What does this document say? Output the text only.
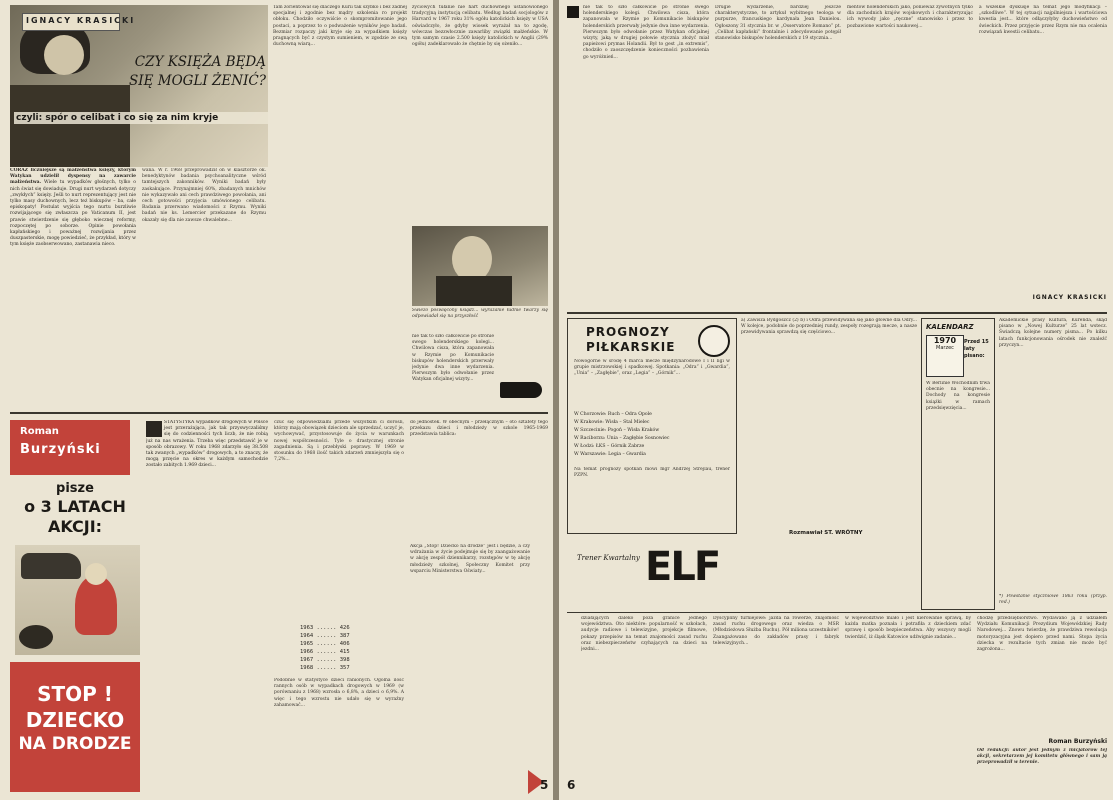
IGNACY KRASICKI
CZY KSIĘŻA BĘDĄ
SIĘ MOGLI ŻENIĆ?
czyli: spór o celibat i co się za nim kryje
CORAZ liczniejsze są małżeństwa księży, którym Watykan udzielił dyspensy na zawarcie małżeństwa. Wiele tu wypadków głośnych, tylko o nich świat się dowiaduje. Drugi nurt wydarzeń dotyczy „zwykłych” księży. Jeśli to nurt reprezentujący jest nie tylko masy duchownych, lecz też biskupów – ba, całe episkopaty! Postulat wyjścia tego nurtu burzliwie rozwijającego się zwłaszcza po Vaticanum II, jest prawie stwierdzenie się głęboko wiecznej reformy, rozpoczętej po soborze. Opinie powołania kapłańskiego i poważnej rozwijania przez duszpasterskie, mogę powiedzieć, że przykład, który w tym księże zaobserwowano, zastanawia nieco.
wana. W r. 1968 przeprowadził on w klasztorze ok. benedyktynów badania psychoanalityczne wśród tamtejszych zakonników. Wyniki badań były zaskakujące. Przynajmniej 60%, zbadanych mnichów nie wykazywało ani cech prawdziwego powołania, ani cech gotowości przyjęcia umówionego celibatu. Badania przerwano wiadomości z Rzymu. Wyniki badań nie ks. Lemercier przekazane do Rzymu okazały się dla nie zawsze chwalebne...
Tam zorientował się dlaczego Kurii tak szybko i bez żadnej specjalnej i zgodnie bez mądry szkolenia ro projekt obłoku. Chodziło oczywiście o skompromitowanie jego postaci, a poprzez to o podważenie wyników jego badań. Bezmiar rozpaczy jaki kryje się za wypadkiem księży pragnących być z czystym sumieniem, w zgodzie ze swą duchowną wiarą...
życiowych tułanie nie hart duchownego ustanowionego tradycyjną instytucją celibatu. Według badań socjologów z Harvard w 1967 roku 31% ogółu katolickich księży w USA oświadczyło, że gdyby wiosek wyrażał na to zgodę, wówczas bezzwłocznie zawarliby związki małżeńskie. W tym samym czasie 2.500 księży katolickich w Anglii (29% ogółu) zadeklarowało że chętnie by się ożeniło...
Świeżo poświęcony ksiądz... wyrażanie łudnie twarzy się odpowiadał się na przyszłość
nie tak to szło całkowicie po stronie swego holenderskiego kolegi... Chwilowa cisza, która zapanowała w Rzymie po Komunikacie biskupów holenderskich przerwały jedynie dwa inne wydarzenia. Pierwszym było odwołanie przez Watykan oficjalnej wizyty...
Roman
Burzyński
pisze
o 3 LATACH
AKCJI:
STOP !
DZIECKO
NA DRODZE
STATYSTYKA wypadków drogowych w Polsce jest przerażająca, jak tak przyswyczaliśmy się do codzienności tych liczb, że nie robią już na nas wrażenia. Trzeba więc przedstawić je w sposób obrazowy. W roku 1968 zdarzyło się 38.508 tak zwanych „wypadków” drogowych, a to znaczy, że mogą przęcie na okres w każdym samochodzie zostało zabitych 1.969 dzieci...
czuć się odpowiedzialni przede wszystkim ci dorośli, którzy mają obowiązek dzieciom ale uprzedzać, uczyć je, wychowywać, przystosowuje do życia w warunkach nowej współczesności. Tyle o drastycznej stronie zagadnienia. Są i przebłyski poprawy. W 1969 w stosunku do 1968 ilość takich zdarzeń zmniejszyła się o 7,2%...
1963 ...... 426
1964 ...... 387
1965 ...... 406
1966 ...... 415
1967 ...... 398
1968 ...... 357
Podobnie w statystyce dzieci ranionych. Ogólna ilość rannych osób w wypadkach drogowych w 1969 (w porównaniu z 1968) wzrosła o 6,8%, a dzieci o 6,9%. A więc i tego wzrostu nie udało się w wyraźny zahamować...
do jednostek. W obecnym – przełącznym – oto sztafety tego przekazu dzieci i młodzieży w szkole 1965-1969 przedstawia tablica:
Akcja „Stop! Dziecko na drodze” jest i będzie, a czy wdrażania w życie podejmuje się by zaangażowanie w akcję zespół dziennikarzy, rozstępów w tę akcję młodzieży szkolnej, Społeczny Komitet przy wsparciu Ministerstwa Oświaty...
5
nie tak to szło całkowicie po stronie swego holenderskiego kolegi. Chwilowa cisza, która zapanowała w Rzymie po Komunikacie biskupów holenderskich przerwały jedynie dwa inne wydarzenia. Pierwszym było odwołanie przez Watykan oficjalnej wizyty, jaką w drugiej połowie stycznia złożyć miał papieżowi prymas Holandii. Był to gest „in extremis”, chodziło o zaoszczędzenie konieczności pozbawienia go wyróżnień...
Drugie wydarzenie, bardziej jeszcze charakterystyczne, to artykuł wybitnego teologa w purpurze, francuskiego kardynała Jean Danielou. Ogłoszony 31 stycznia br. w „Osservatore Romano” pt. „Celibat kapłański” frontalnie i zdecydowanie potępił stanowisko biskupów holenderskich z 19 stycznia...
mentów holenderskich jako, ponieważ żywotnych tylko dla zachodnich krajów wojskowych i charakteryzując ich wywody jako „ręczne” stanowisko i przez to pozbawione wartości naukowej...
a wszelkie dyskusje na temat jego modyfikacji – „szkodliwe”. W tej sytuacji najpilniejsza i wartościowa kwestia jest... które odłączyłyby duchowieństwo od świeckich. Przez przyjęcie przez Rzym nie ma ocalenia rozwiązań kwestii celibatu...
IGNACY KRASICKI
PROGNOZY
PIŁKARSKIE
Nowogórne w środę 4 marca mecze międzynarodowe I i II ligi w grupie mistrzowskiej i spadkowej. Spotkania: „Odra” i „Gwardia”, „Unia” – „Zagłębie”, oraz „Legia” – „Górnik”...
W Chorzowie: Ruch – Odra Opole
W Krakowie: Wisła – Stal Mielec
W Szczecinie: Pogoń – Wisła Kraków
W Raciborzu: Unia – Zagłębie Sosnowiec
W Łodzi: ŁKS – Górnik Zabrze
W Warszawie: Legia – Gwardia
Na temat prognozy spotkań mówi mgr Andrzej Strejlau, trener PZPN.
a) Zawisza Bydgoszcz (2) b) i Odra przewidywana się jako główne dla Odry... W kolejce, podobnie do poprzedniej rundy, zespoły rozegrają mecze, a nasze przewidywania sprawdzą się częściowo...
Trener Kwartalny ELF
Rozmawiał ST. WRÓTNY
KALENDARZ
1970
Marzec
Przed 15 laty pisano:
W Berlinie Wschodnim trwa obecnie na kongresie... Dochody na kongresie książki w ramach przedsięwzięcia...
Akademickie prasy Kultura, Kurenda, skąd pisano w „Nowej Kulturze” 25 lat wstecz. Świadczą kolejne numery pisma... Po kilku latach funkcjonowania ośrodek nie znaleźć przyczyn...
*) Powstanie styczniowe 1863 roku (przyp. red.)
działających daleko poza granice jednego województwa. Oto niektóre: popularność w szkołach, audycje radiowe i telewizyjne, projekcje filmowe, pokazy przepisów na temat znajomości zasad ruchu oraz niebezpieczeństw czyhających na dzieci na jezdni...
Dyscypliny turniejowe: jazda na rowerze, znajomość zasad ruchu drogowego oraz wiedza o MSR (Młodzieżowa Służba Ruchu). Pół miliona uczestników! Zaangażowano do zakładów prasy i fabryk telewizyjnych...
w województwie miało i jest kierowanie sprawą, by każda matka poznała i potrafiła z dzieckiem zdać sprawę i sposób bezpieczeństwa. Aby wszyscy mogli twierdzić, iż śląsk Katowice udźwignie zadanie...
chodzę przedsiębiorstwo. Wydawano ją z udziałem Wydziału Komunikacji Prezydium Wojewódzkiej Rady Narodowej... Znowu twierdzę, że prawdziwa rewolucja motoryzacyjna jest dopiero przed nami. Stopa życia dziecka w rezultacie tych zmian nie może być zagrożona...
Roman Burzyński
Od redakcji: autor jest jednym z inicjatorów tej akcji, sekretarzem jej komitetu głównego i sam ją przeprowadził w terenie.
6
